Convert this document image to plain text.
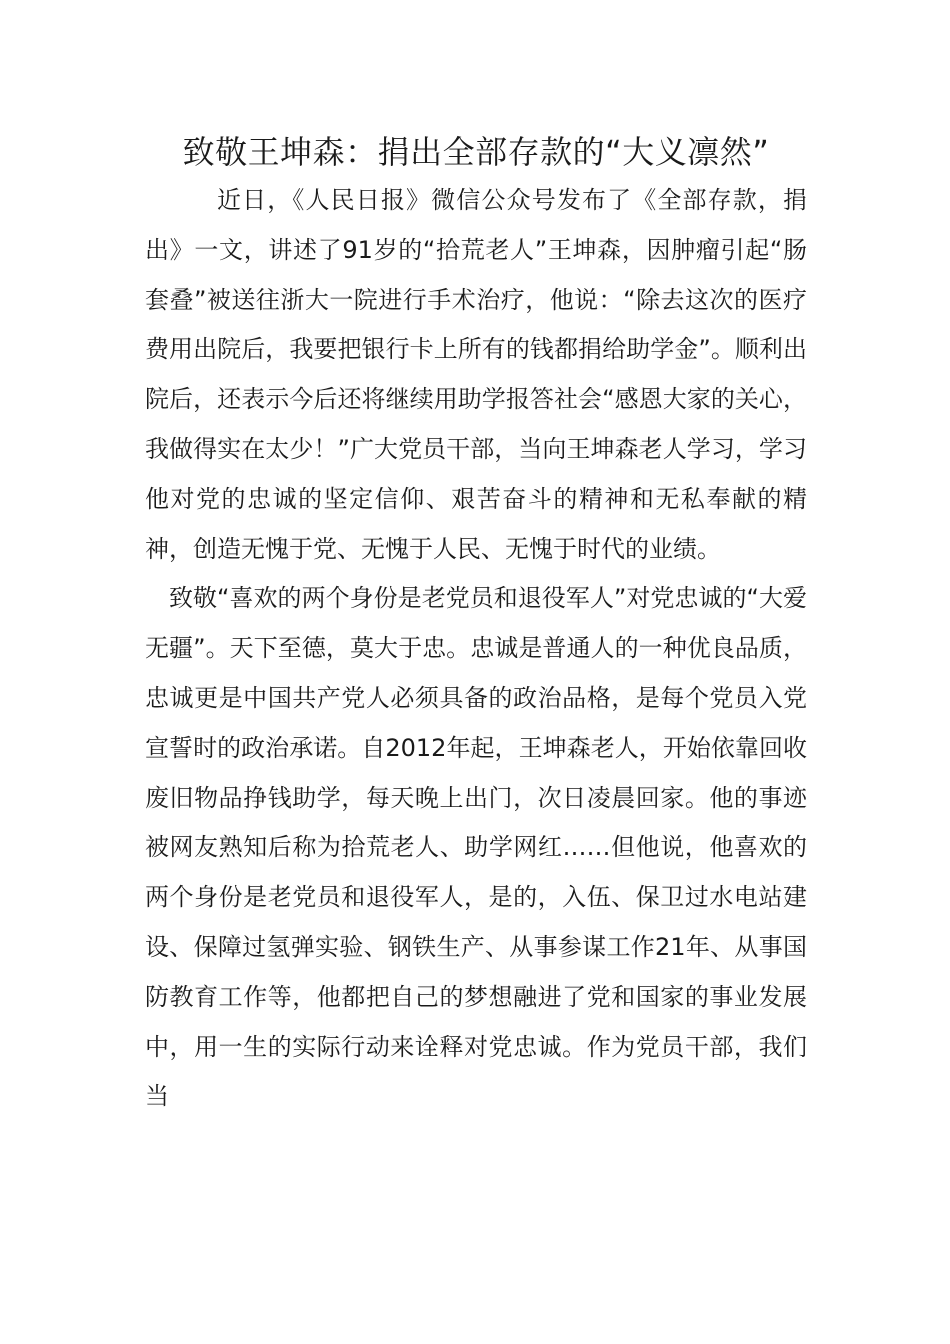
致敬王坤森：捐出全部存款的“大义凛然”

近日，《人民日报》微信公众号发布了《全部存款，捐出》一文，讲述了91岁的“拾荒老人”王坤森，因肿瘤引起“肠套叠”被送往浙大一院进行手术治疗，他说：“除去这次的医疗费用出院后，我要把银行卡上所有的钱都捐给助学金”。顺利出院后，还表示今后还将继续用助学报答社会“感恩大家的关心，我做得实在太少！”广大党员干部，当向王坤森老人学习，学习他对党的忠诚的坚定信仰、艰苦奋斗的精神和无私奉献的精神，创造无愧于党、无愧于人民、无愧于时代的业绩。

致敬“喜欢的两个身份是老党员和退役军人”对党忠诚的“大爱无疆”。天下至德，莫大于忠。忠诚是普通人的一种优良品质，忠诚更是中国共产党人必须具备的政治品格，是每个党员入党宣誓时的政治承诺。自2012年起，王坤森老人，开始依靠回收废旧物品挣钱助学，每天晚上出门，次日凌晨回家。他的事迹被网友熟知后称为拾荒老人、助学网红……但他说，他喜欢的两个身份是老党员和退役军人，是的，入伍、保卫过水电站建设、保障过氢弹实验、钢铁生产、从事参谋工作21年、从事国防教育工作等，他都把自己的梦想融进了党和国家的事业发展中，用一生的实际行动来诠释对党忠诚。作为党员干部，我们当
